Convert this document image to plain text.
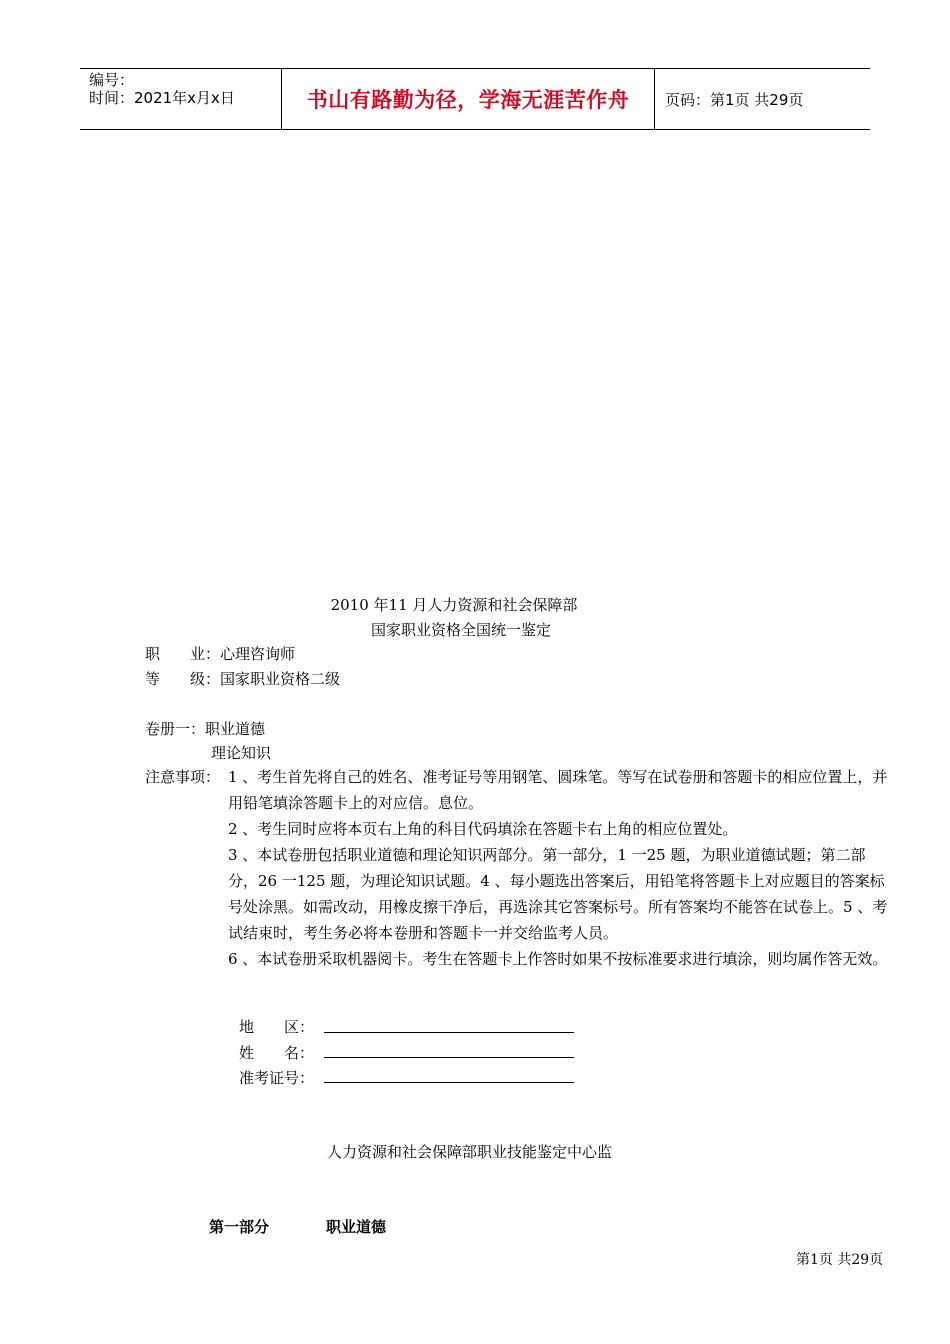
编号：
时间：2021年x月x日	书山有路勤为径，学海无涯苦作舟	页码：第1页 共29页
2010 年11 月人力资源和社会保障部
国家职业资格全国统一鉴定
职　　业：心理咨询师
等　　级：国家职业资格二级
卷册一：职业道德
理论知识
注意事项： 1 、考生首先将自己的姓名、准考证号等用钢笔、圆珠笔。等写在试卷册和答题卡的相应位置上，并用铅笔填涂答题卡上的对应信。息位。
2 、考生同时应将本页右上角的科目代码填涂在答题卡右上角的相应位置处。
3 、本试卷册包括职业道德和理论知识两部分。第一部分，1 一25 题，为职业道德试题；第二部分，26 一125 题，为理论知识试题。4 、每小题选出答案后，用铅笔将答题卡上对应题目的答案标号处涂黑。如需改动，用橡皮擦干净后，再选涂其它答案标号。所有答案均不能答在试卷上。5 、考试结束时，考生务必将本卷册和答题卡一并交给监考人员。
6 、本试卷册采取机器阅卡。考生在答题卡上作答时如果不按标准要求进行填涂，则均属作答无效。
地　　区：
姓　　名：
准考证号：
人力资源和社会保障部职业技能鉴定中心监
第一部分	职业道德
第1页 共29页
